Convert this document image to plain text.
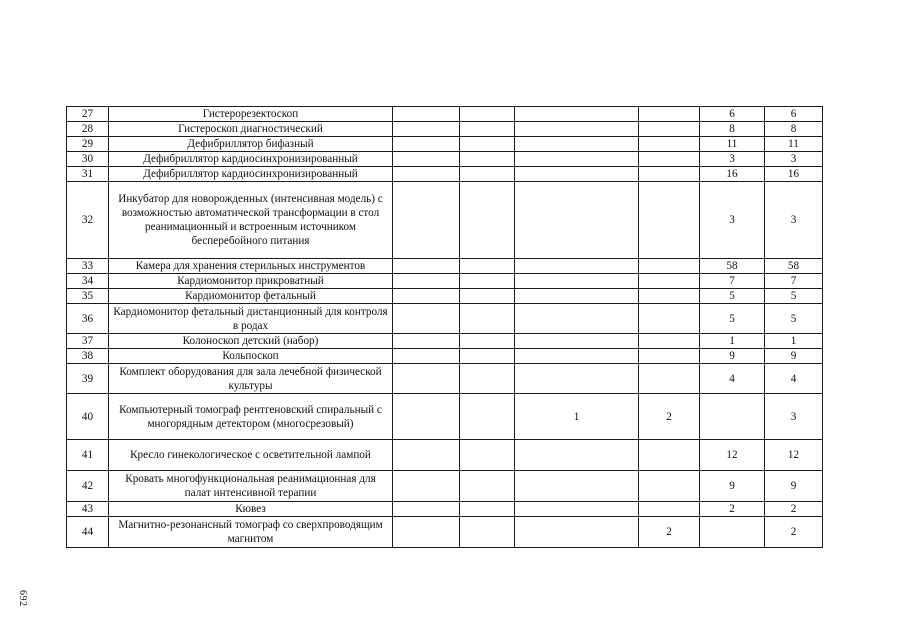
27	Гистерорезектоскоп					6	6
28	Гистероскоп диагностический					8	8
29	Дефибриллятор бифазный					11	11
30	Дефибриллятор кардиосинхронизированный					3	3
31	Дефибриллятор кардиосинхронизированный					16	16
32	Инкубатор для новорожденных (интенсивная модель) с возможностью автоматической трансформации в стол реанимационный и встроенным источником бесперебойного питания					3	3
33	Камера для хранения стерильных инструментов					58	58
34	Кардиомонитор прикроватный					7	7
35	Кардиомонитор фетальный					5	5
36	Кардиомонитор фетальный дистанционный для контроля в родах					5	5
37	Колоноскоп детский (набор)					1	1
38	Кольпоскоп					9	9
39	Комплект оборудования для зала лечебной физической культуры					4	4
40	Компьютерный томограф рентгеновский спиральный с многорядным детектором (многосрезовый)			1	2		3
41	Кресло гинекологическое с осветительной лампой					12	12
42	Кровать многофункциональная реанимационная для палат интенсивной терапии					9	9
43	Кювез					2	2
44	Магнитно-резонансный томограф со сверхпроводящим магнитом				2		2
692
